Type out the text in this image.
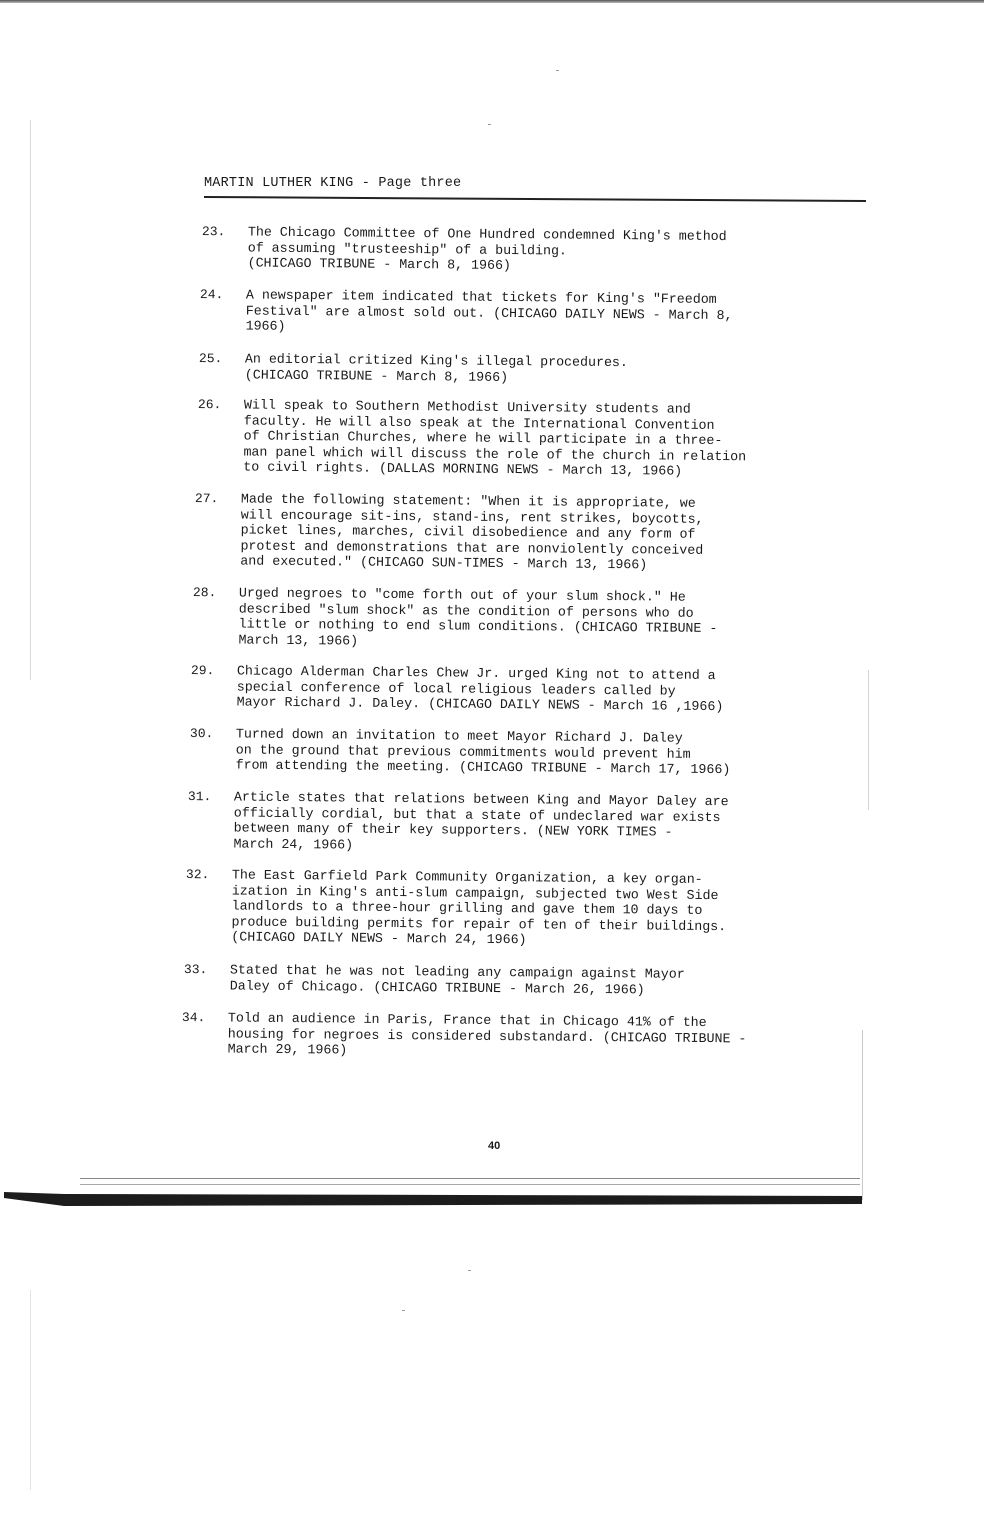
MARTIN LUTHER KING - Page three
23. The Chicago Committee of One Hundred condemned King's method
of assuming "trusteeship" of a building.
(CHICAGO TRIBUNE - March 8, 1966)
24. A newspaper item indicated that tickets for King's "Freedom
Festival" are almost sold out. (CHICAGO DAILY NEWS - March 8,
1966)
25. An editorial critized King's illegal procedures.
(CHICAGO TRIBUNE - March 8, 1966)
26. Will speak to Southern Methodist University students and
faculty. He will also speak at the International Convention
of Christian Churches, where he will participate in a three-
man panel which will discuss the role of the church in relation
to civil rights. (DALLAS MORNING NEWS - March 13, 1966)
27. Made the following statement: "When it is appropriate, we
will encourage sit-ins, stand-ins, rent strikes, boycotts,
picket lines, marches, civil disobedience and any form of
protest and demonstrations that are nonviolently conceived
and executed." (CHICAGO SUN-TIMES - March 13, 1966)
28. Urged negroes to "come forth out of your slum shock." He
described "slum shock" as the condition of persons who do
little or nothing to end slum conditions. (CHICAGO TRIBUNE -
March 13, 1966)
29. Chicago Alderman Charles Chew Jr. urged King not to attend a
special conference of local religious leaders called by
Mayor Richard J. Daley. (CHICAGO DAILY NEWS - March 16 ,1966)
30. Turned down an invitation to meet Mayor Richard J. Daley
on the ground that previous commitments would prevent him
from attending the meeting. (CHICAGO TRIBUNE - March 17, 1966)
31. Article states that relations between King and Mayor Daley are
officially cordial, but that a state of undeclared war exists
between many of their key supporters. (NEW YORK TIMES -
March 24, 1966)
32. The East Garfield Park Community Organization, a key organ-
ization in King's anti-slum campaign, subjected two West Side
landlords to a three-hour grilling and gave them 10 days to
produce building permits for repair of ten of their buildings.
(CHICAGO DAILY NEWS - March 24, 1966)
33. Stated that he was not leading any campaign against Mayor
Daley of Chicago. (CHICAGO TRIBUNE - March 26, 1966)
34. Told an audience in Paris, France that in Chicago 41% of the
housing for negroes is considered substandard. (CHICAGO TRIBUNE -
March 29, 1966)
40
